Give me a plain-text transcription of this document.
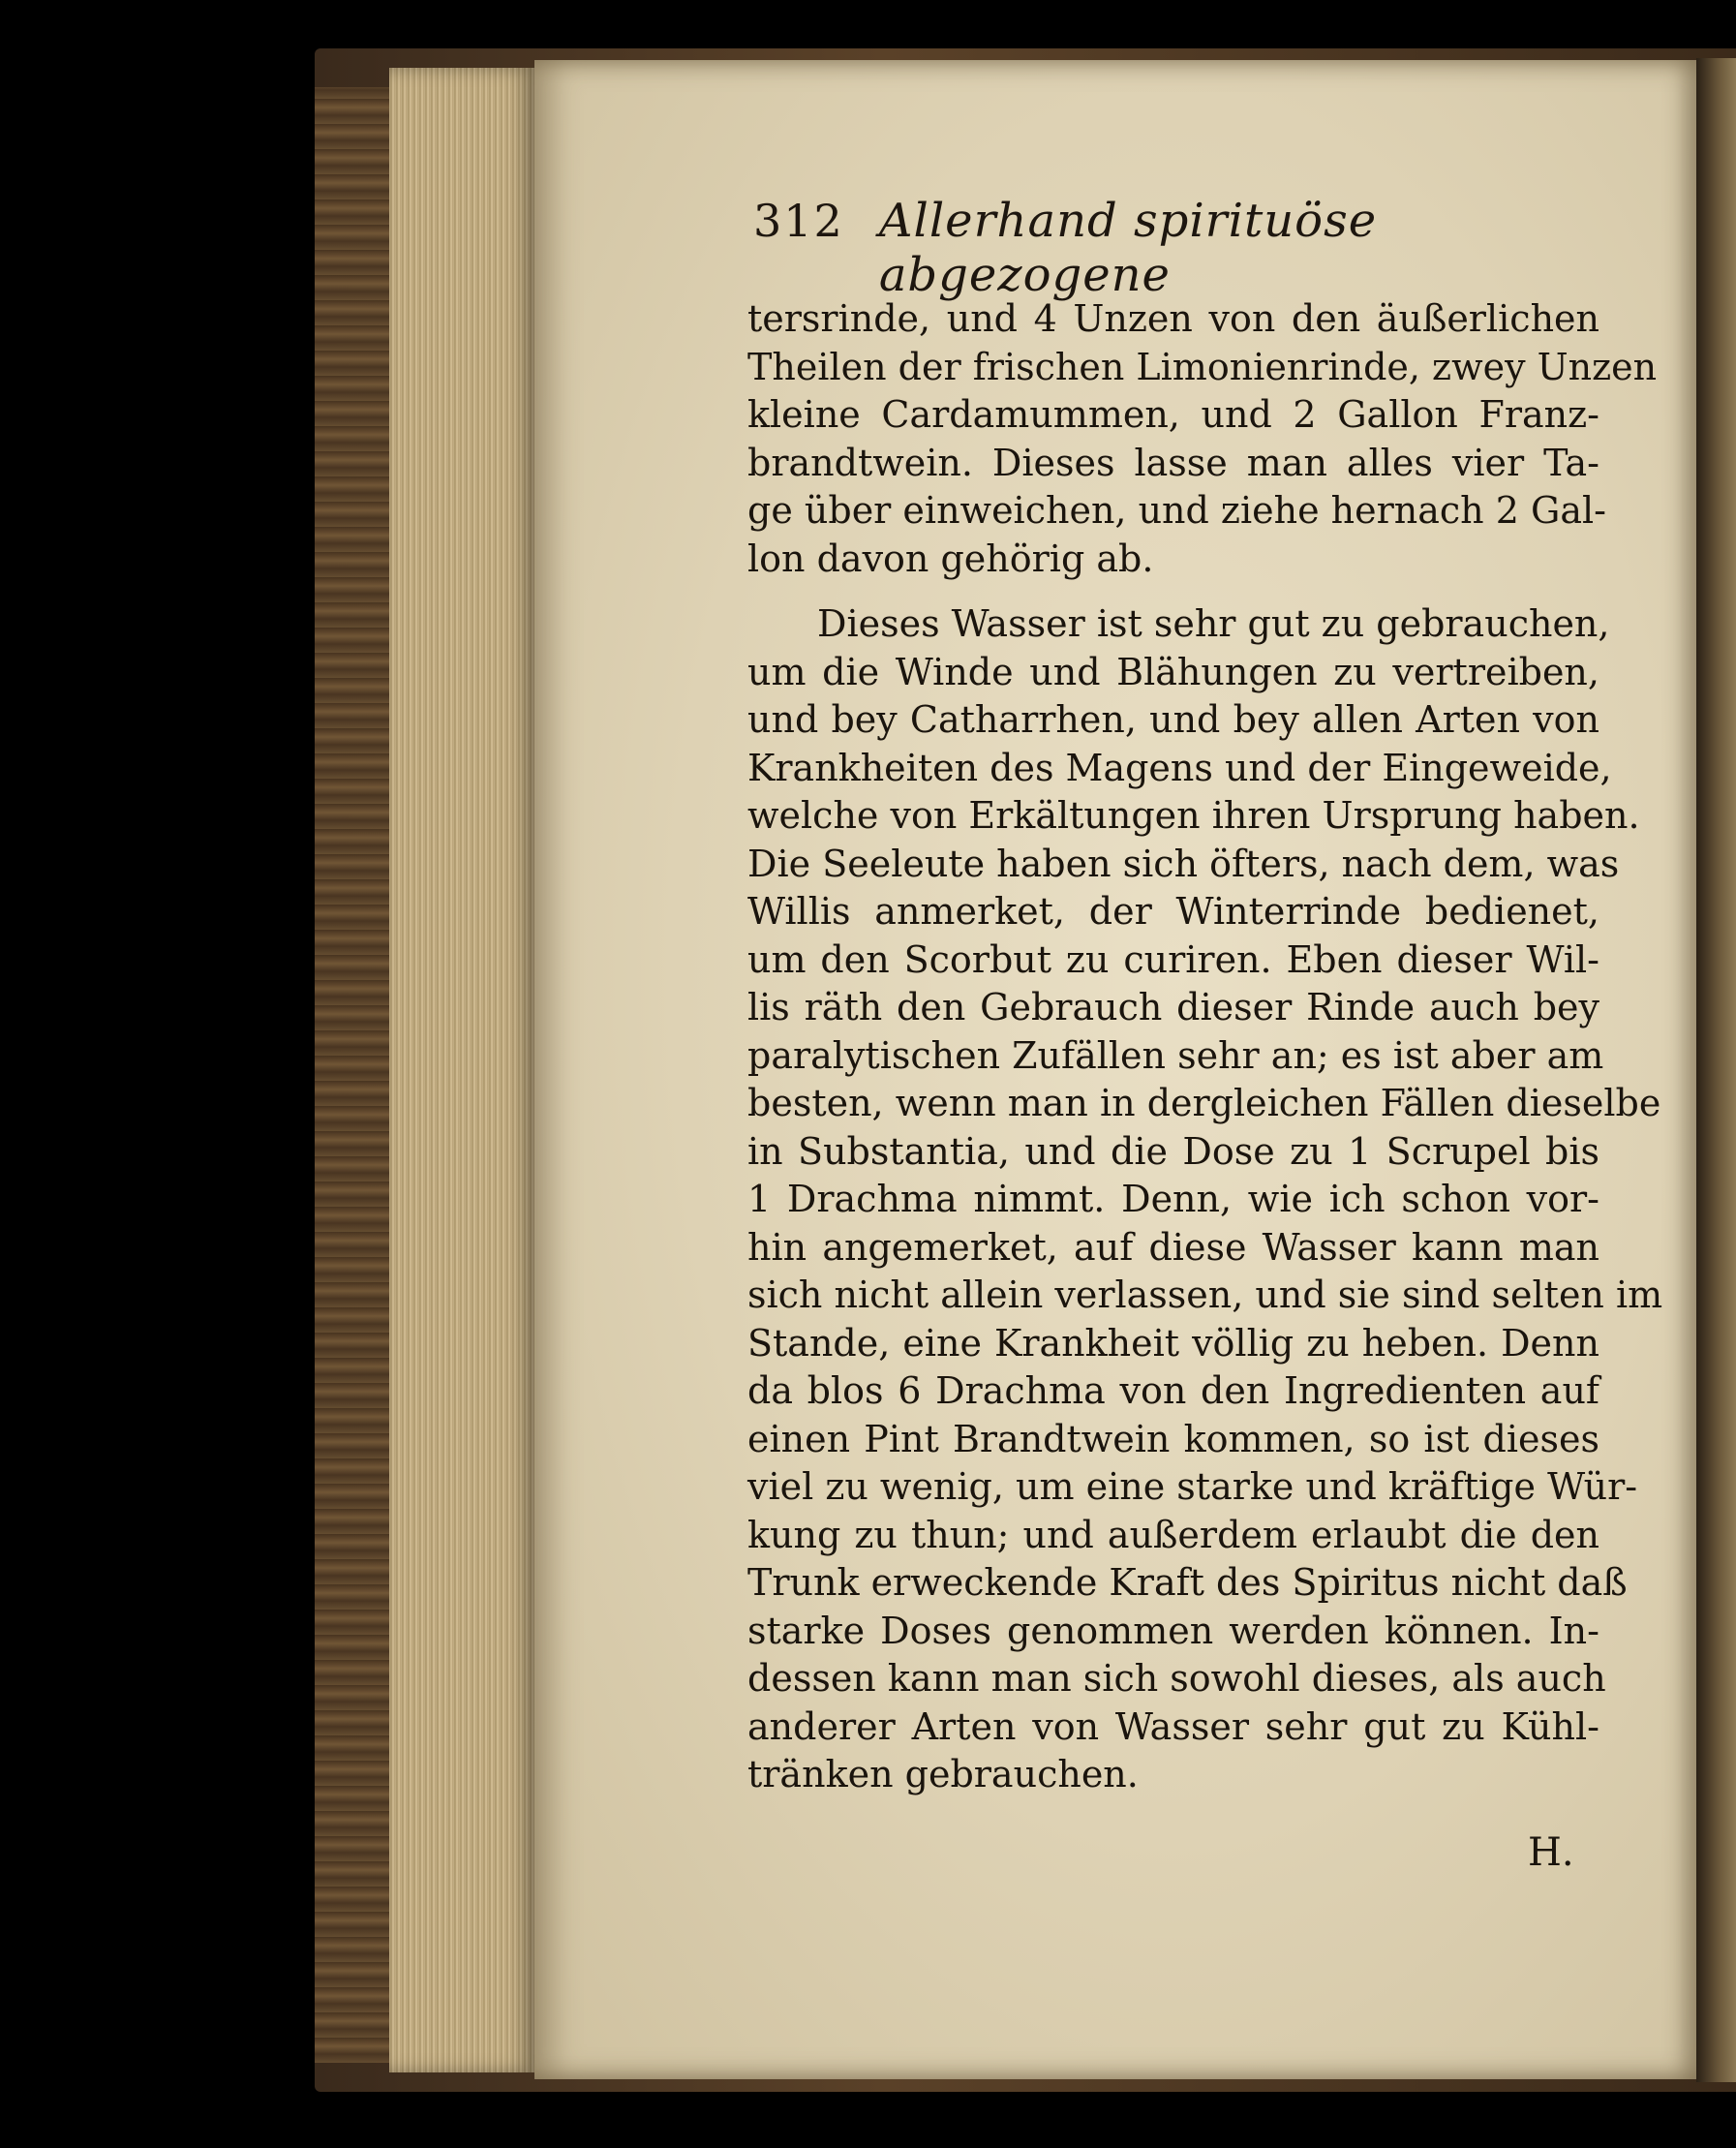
312 Allerhand spirituöse abgezogene
tersrinde, und 4 Unzen von den äußerlichen
Theilen der frischen Limonienrinde, zwey Unzen
kleine Cardamummen, und 2 Gallon Franz-
brandtwein. Dieses lasse man alles vier Ta-
ge über einweichen, und ziehe hernach 2 Gal-
lon davon gehörig ab.
Dieses Wasser ist sehr gut zu gebrauchen,
um die Winde und Blähungen zu vertreiben,
und bey Catharrhen, und bey allen Arten von
Krankheiten des Magens und der Eingeweide,
welche von Erkältungen ihren Ursprung haben.
Die Seeleute haben sich öfters, nach dem, was
Willis anmerket, der Winterrinde bedienet,
um den Scorbut zu curiren. Eben dieser Wil-
lis räth den Gebrauch dieser Rinde auch bey
paralytischen Zufällen sehr an; es ist aber am
besten, wenn man in dergleichen Fällen dieselbe
in Substantia, und die Dose zu 1 Scrupel bis
1 Drachma nimmt. Denn, wie ich schon vor-
hin angemerket, auf diese Wasser kann man
sich nicht allein verlassen, und sie sind selten im
Stande, eine Krankheit völlig zu heben. Denn
da blos 6 Drachma von den Ingredienten auf
einen Pint Brandtwein kommen, so ist dieses
viel zu wenig, um eine starke und kräftige Wür-
kung zu thun; und außerdem erlaubt die den
Trunk erweckende Kraft des Spiritus nicht daß
starke Doses genommen werden können. In-
dessen kann man sich sowohl dieses, als auch
anderer Arten von Wasser sehr gut zu Kühl-
tränken gebrauchen.
H.
